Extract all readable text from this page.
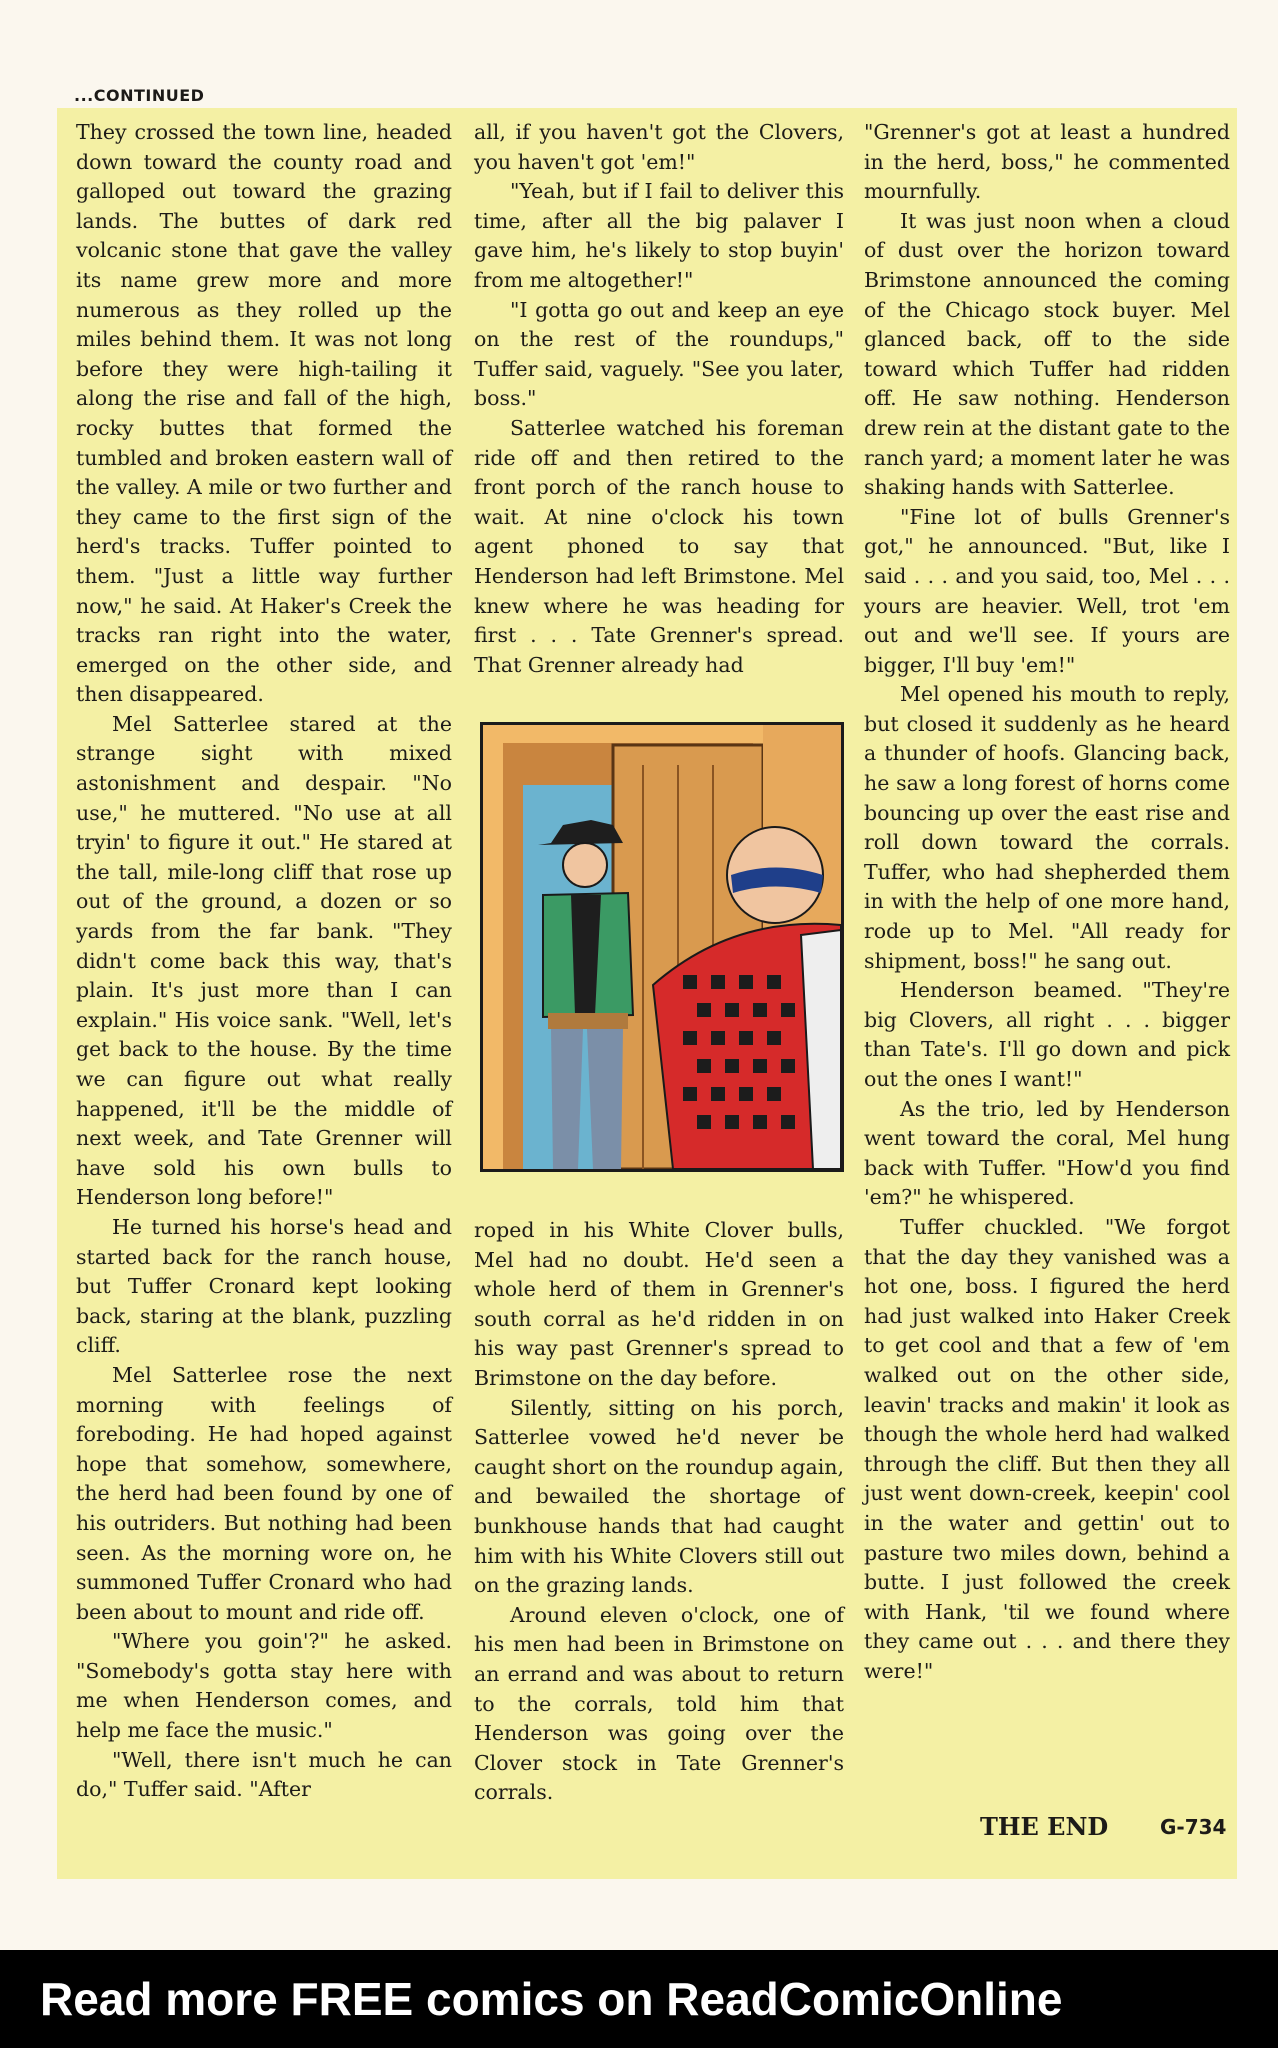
...CONTINUED

They crossed the town line, headed down toward the county road and galloped out toward the grazing lands. The buttes of dark red volcanic stone that gave the valley its name grew more and more numerous as they rolled up the miles behind them. It was not long before they were high-tailing it along the rise and fall of the high, rocky buttes that formed the tumbled and broken eastern wall of the valley. A mile or two further and they came to the first sign of the herd's tracks. Tuffer pointed to them. "Just a little way further now," he said. At Haker's Creek the tracks ran right into the water, emerged on the other side, and then disappeared.

Mel Satterlee stared at the strange sight with mixed astonishment and despair. "No use," he muttered. "No use at all tryin' to figure it out." He stared at the tall, mile-long cliff that rose up out of the ground, a dozen or so yards from the far bank. "They didn't come back this way, that's plain. It's just more than I can explain." His voice sank. "Well, let's get back to the house. By the time we can figure out what really happened, it'll be the middle of next week, and Tate Grenner will have sold his own bulls to Henderson long before!"

He turned his horse's head and started back for the ranch house, but Tuffer Cronard kept looking back, staring at the blank, puzzling cliff.

Mel Satterlee rose the next morning with feelings of foreboding. He had hoped against hope that somehow, somewhere, the herd had been found by one of his outriders. But nothing had been seen. As the morning wore on, he summoned Tuffer Cronard who had been about to mount and ride off.

"Where you goin'?" he asked. "Somebody's gotta stay here with me when Henderson comes, and help me face the music."

"Well, there isn't much he can do," Tuffer said. "After

all, if you haven't got the Clovers, you haven't got 'em!"

"Yeah, but if I fail to deliver this time, after all the big palaver I gave him, he's likely to stop buyin' from me altogether!"

"I gotta go out and keep an eye on the rest of the roundups," Tuffer said, vaguely. "See you later, boss."

Satterlee watched his foreman ride off and then retired to the front porch of the ranch house to wait. At nine o'clock his town agent phoned to say that Henderson had left Brimstone. Mel knew where he was heading for first . . . Tate Grenner's spread. That Grenner already had

roped in his White Clover bulls, Mel had no doubt. He'd seen a whole herd of them in Grenner's south corral as he'd ridden in on his way past Grenner's spread to Brimstone on the day before.

Silently, sitting on his porch, Satterlee vowed he'd never be caught short on the roundup again, and bewailed the shortage of bunkhouse hands that had caught him with his White Clovers still out on the grazing lands.

Around eleven o'clock, one of his men had been in Brimstone on an errand and was about to return to the corrals, told him that Henderson was going over the Clover stock in Tate Grenner's corrals.

"Grenner's got at least a hundred in the herd, boss," he commented mournfully.

It was just noon when a cloud of dust over the horizon toward Brimstone announced the coming of the Chicago stock buyer. Mel glanced back, off to the side toward which Tuffer had ridden off. He saw nothing. Henderson drew rein at the distant gate to the ranch yard; a moment later he was shaking hands with Satterlee.

"Fine lot of bulls Grenner's got," he announced. "But, like I said . . . and you said, too, Mel . . . yours are heavier. Well, trot 'em out and we'll see. If yours are bigger, I'll buy 'em!"

Mel opened his mouth to reply, but closed it suddenly as he heard a thunder of hoofs. Glancing back, he saw a long forest of horns come bouncing up over the east rise and roll down toward the corrals. Tuffer, who had shepherded them in with the help of one more hand, rode up to Mel. "All ready for shipment, boss!" he sang out.

Henderson beamed. "They're big Clovers, all right . . . bigger than Tate's. I'll go down and pick out the ones I want!"

As the trio, led by Henderson went toward the coral, Mel hung back with Tuffer. "How'd you find 'em?" he whispered.

Tuffer chuckled. "We forgot that the day they vanished was a hot one, boss. I figured the herd had just walked into Haker Creek to get cool and that a few of 'em walked out on the other side, leavin' tracks and makin' it look as though the whole herd had walked through the cliff. But then they all just went down-creek, keepin' cool in the water and gettin' out to pasture two miles down, behind a butte. I just followed the creek with Hank, 'til we found where they came out . . . and there they were!"

THE END	G-734
Read more FREE comics on ReadComicOnline
